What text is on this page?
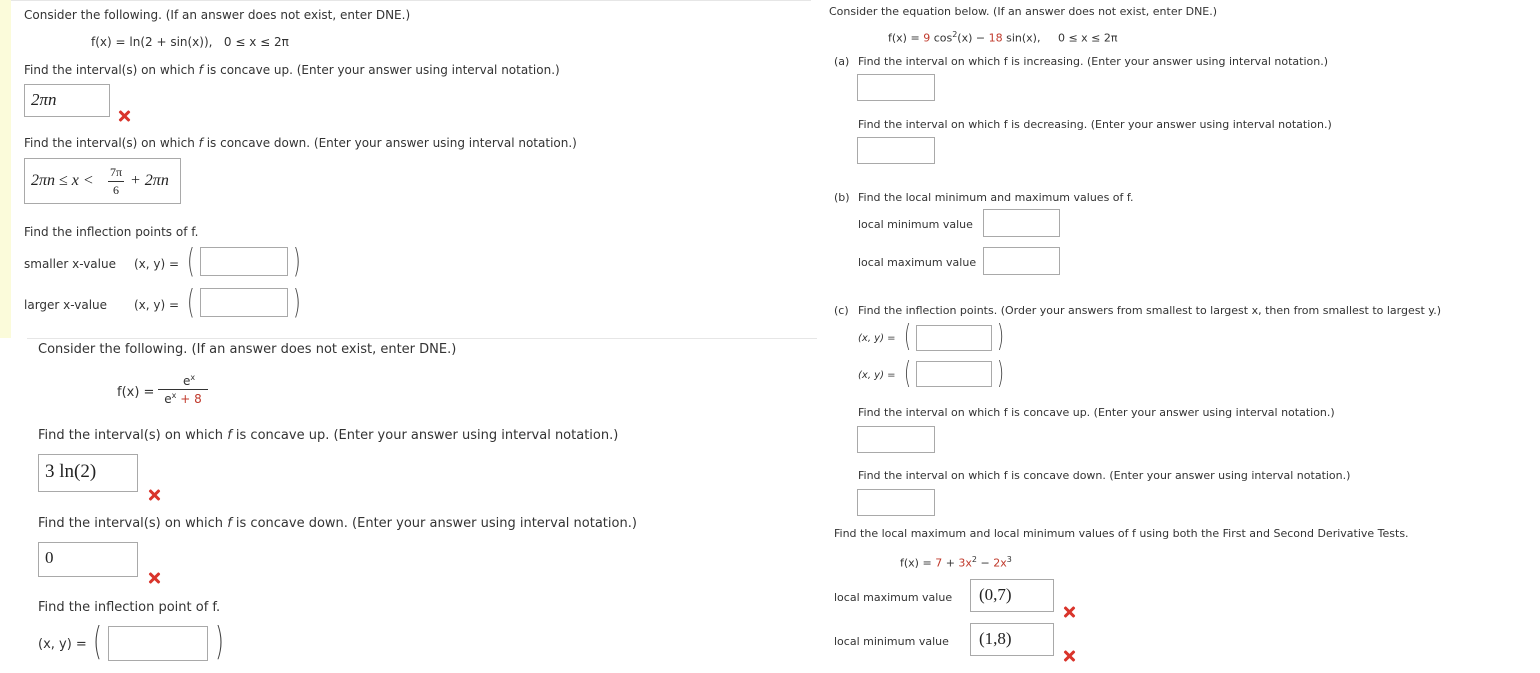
Consider the following. (If an answer does not exist, enter DNE.)
f(x) = ln(2 + sin(x)), 0 ≤ x ≤ 2π
Find the interval(s) on which f is concave up. (Enter your answer using interval notation.)
2πn
Find the interval(s) on which f is concave down. (Enter your answer using interval notation.)
2πn ≤ x < 7π
6
+ 2πn
Find the inflection points of f.
smaller x-value (x, y) = (	)
larger x-value (x, y) = (	)
Consider the following. (If an answer does not exist, enter DNE.)
f(x) =
$e^x$
$e^x + 8$
Find the interval(s) on which f is concave up. (Enter your answer using interval notation.)
3 ln(2)
Find the interval(s) on which f is concave down. (Enter your answer using interval notation.)
0
Find the inflection point of f.
(x, y) = (	)
Consider the equation below. (If an answer does not exist, enter DNE.)
f(x) = 9 $\cos^2(x) - 18$ sin(x), 0 ≤ x ≤ 2π
(a) Find the interval on which f is increasing. (Enter your answer using interval notation.)
Find the interval on which f is decreasing. (Enter your answer using interval notation.)
(b) Find the local minimum and maximum values of f.
local minimum value
local maximum value
(c) Find the inflection points. (Order your answers from smallest to largest x, then from smallest to largest y.)
(x, y) = (	)
(x, y) = (	)
Find the interval on which f is concave up. (Enter your answer using interval notation.)
Find the interval on which f is concave down. (Enter your answer using interval notation.)
Find the local maximum and local minimum values of f using both the First and Second Derivative Tests.
$f(x) = 7 + 3x^2 - 2x^3$
local maximum value	(0,7)
local minimum value	(1,8)
